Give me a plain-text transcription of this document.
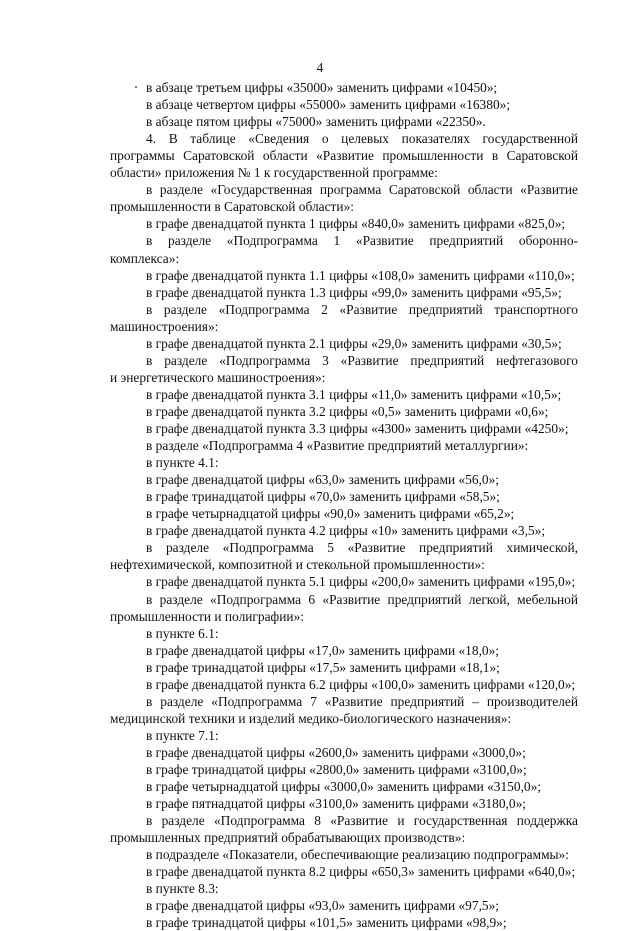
4
в абзаце третьем цифры «35000» заменить цифрами «10450»;
в абзаце четвертом цифры «55000» заменить цифрами «16380»;
в абзаце пятом цифры «75000» заменить цифрами «22350».
4. В таблице «Сведения о целевых показателях государственной
программы Саратовской области «Развитие промышленности в Саратовской
области» приложения № 1 к государственной программе:
в разделе «Государственная программа Саратовской области «Развитие
промышленности в Саратовской области»:
в графе двенадцатой пункта 1 цифры «840,0» заменить цифрами «825,0»;
в разделе «Подпрограмма 1 «Развитие предприятий оборонно-
комплекса»:
в графе двенадцатой пункта 1.1 цифры «108,0» заменить цифрами «110,0»;
в графе двенадцатой пункта 1.3 цифры «99,0» заменить цифрами «95,5»;
в разделе «Подпрограмма 2 «Развитие предприятий транспортного
машиностроения»:
в графе двенадцатой пункта 2.1 цифры «29,0» заменить цифрами «30,5»;
в разделе «Подпрограмма 3 «Развитие предприятий нефтегазового
и энергетического машиностроения»:
в графе двенадцатой пункта 3.1 цифры «11,0» заменить цифрами «10,5»;
в графе двенадцатой пункта 3.2 цифры «0,5» заменить цифрами «0,6»;
в графе двенадцатой пункта 3.3 цифры «4300» заменить цифрами «4250»;
в разделе «Подпрограмма 4 «Развитие предприятий металлургии»:
в пункте 4.1:
в графе двенадцатой цифры «63,0» заменить цифрами «56,0»;
в графе тринадцатой цифры «70,0» заменить цифрами «58,5»;
в графе четырнадцатой цифры «90,0» заменить цифрами «65,2»;
в графе двенадцатой пункта 4.2 цифры «10» заменить цифрами «3,5»;
в разделе «Подпрограмма 5 «Развитие предприятий химической,
нефтехимической, композитной и стекольной промышленности»:
в графе двенадцатой пункта 5.1 цифры «200,0» заменить цифрами «195,0»;
в разделе «Подпрограмма 6 «Развитие предприятий легкой, мебельной
промышленности и полиграфии»:
в пункте 6.1:
в графе двенадцатой цифры «17,0» заменить цифрами «18,0»;
в графе тринадцатой цифры «17,5» заменить цифрами «18,1»;
в графе двенадцатой пункта 6.2 цифры «100,0» заменить цифрами «120,0»;
в разделе «Подпрограмма 7 «Развитие предприятий – производителей
медицинской техники и изделий медико-биологического назначения»:
в пункте 7.1:
в графе двенадцатой цифры «2600,0» заменить цифрами «3000,0»;
в графе тринадцатой цифры «2800,0» заменить цифрами «3100,0»;
в графе четырнадцатой цифры «3000,0» заменить цифрами «3150,0»;
в графе пятнадцатой цифры «3100,0» заменить цифрами «3180,0»;
в разделе «Подпрограмма 8 «Развитие и государственная поддержка
промышленных предприятий обрабатывающих производств»:
в подразделе «Показатели, обеспечивающие реализацию подпрограммы»:
в графе двенадцатой пункта 8.2 цифры «650,3» заменить цифрами «640,0»;
в пункте 8.3:
в графе двенадцатой цифры «93,0» заменить цифрами «97,5»;
в графе тринадцатой цифры «101,5» заменить цифрами «98,9»;
